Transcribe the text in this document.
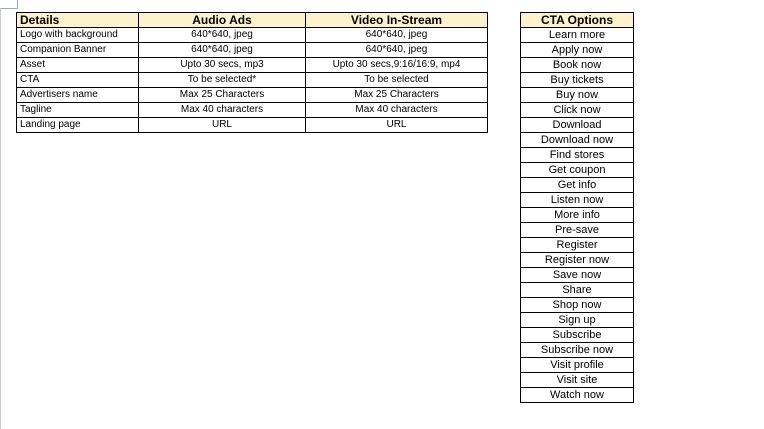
Details	Audio Ads	Video In-Stream
Logo with background	640*640, jpeg	640*640, jpeg
Companion Banner	640*640, jpeg	640*640, jpeg
Asset	Upto 30 secs, mp3	Upto 30 secs,9:16/16:9, mp4
CTA	To be selected*	To be selected
Advertisers name	Max 25 Characters	Max 25 Characters
Tagline	Max 40 characters	Max 40 characters
Landing page	URL	URL
CTA Options
Learn more
Apply now
Book now
Buy tickets
Buy now
Click now
Download
Download now
Find stores
Get coupon
Get info
Listen now
More info
Pre-save
Register
Register now
Save now
Share
Shop now
Sign up
Subscribe
Subscribe now
Visit profile
Visit site
Watch now
